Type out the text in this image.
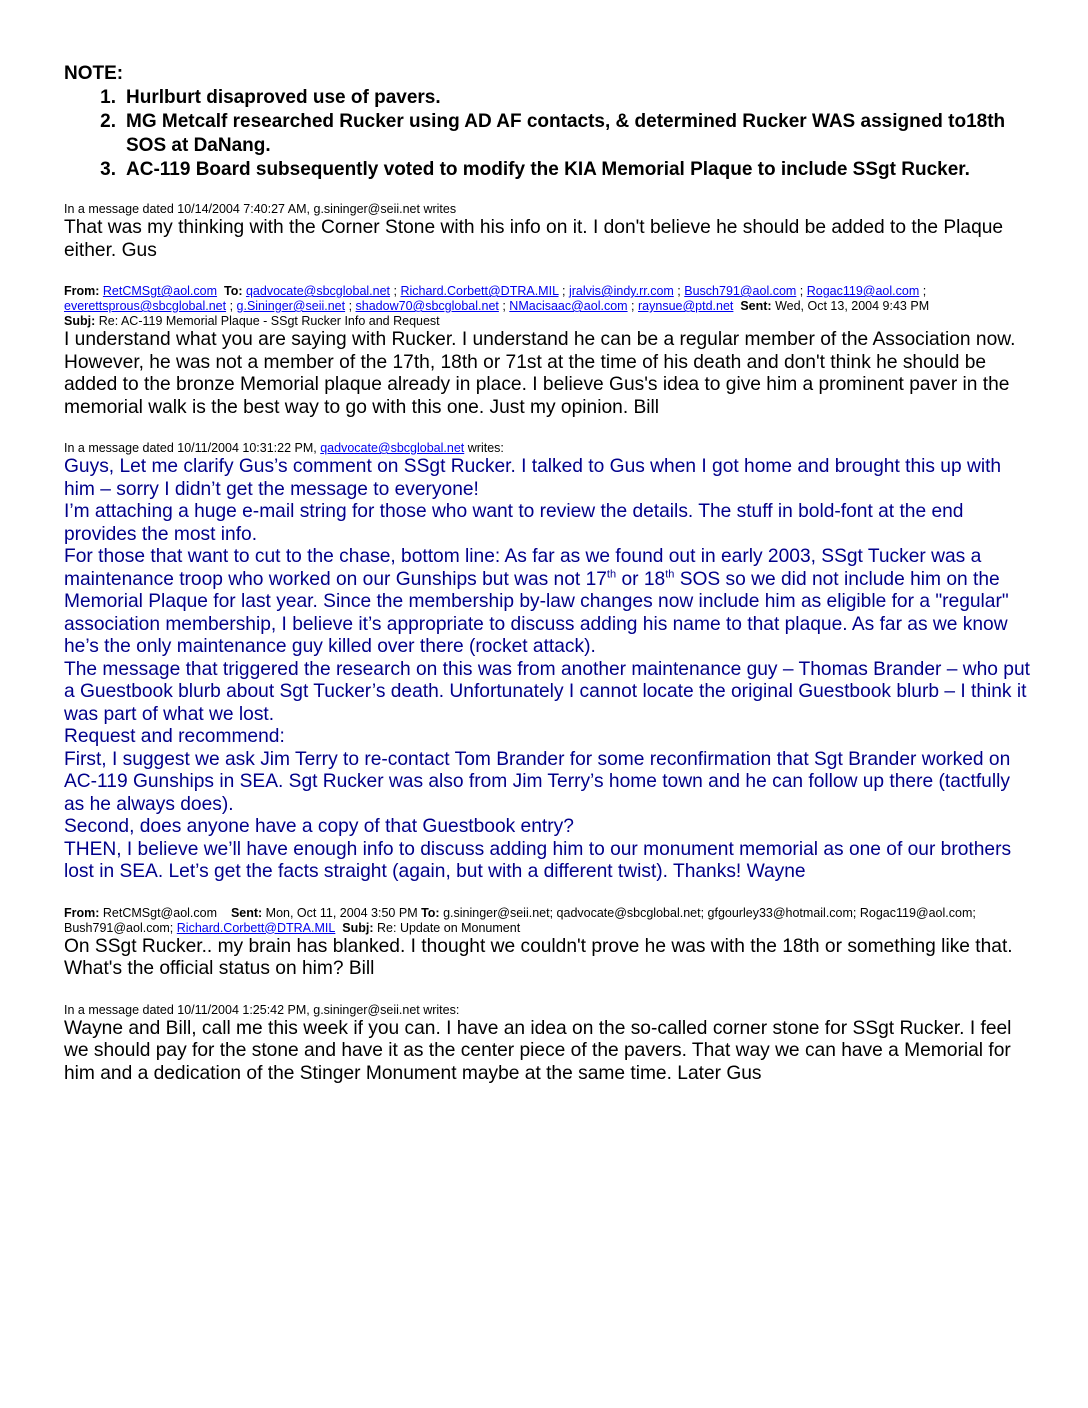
NOTE:
1. Hurlburt disaproved use of pavers.
2. MG Metcalf researched Rucker using AD AF contacts, & determined Rucker WAS assigned to18th SOS at DaNang.
3. AC-119 Board subsequently voted to modify the KIA Memorial Plaque to include SSgt Rucker.
In a message dated 10/14/2004 7:40:27 AM, g.sininger@seii.net writes
That was my thinking with the Corner Stone with his info on it. I don't believe he should be added to the Plaque either. Gus
From: RetCMSgt@aol.com To: qadvocate@sbcglobal.net ; Richard.Corbett@DTRA.MIL ; jralvis@indy.rr.com ; Busch791@aol.com ; Rogac119@aol.com ; everettsprous@sbcglobal.net ; g.Sininger@seii.net ; shadow70@sbcglobal.net ; NMacisaac@aol.com ; raynsue@ptd.net Sent: Wed, Oct 13, 2004 9:43 PM
Subj: Re: AC-119 Memorial Plaque - SSgt Rucker Info and Request
I understand what you are saying with Rucker. I understand he can be a regular member of the Association now. However, he was not a member of the 17th, 18th or 71st at the time of his death and don't think he should be added to the bronze Memorial plaque already in place. I believe Gus's idea to give him a prominent paver in the memorial walk is the best way to go with this one. Just my opinion. Bill
In a message dated 10/11/2004 10:31:22 PM, qadvocate@sbcglobal.net writes:

Guys, Let me clarify Gus’s comment on SSgt Rucker. I talked to Gus when I got home and brought this up with him – sorry I didn’t get the message to everyone!

I’m attaching a huge e-mail string for those who want to review the details. The stuff in bold-font at the end provides the most info.

For those that want to cut to the chase, bottom line: As far as we found out in early 2003, SSgt Tucker was a maintenance troop who worked on our Gunships but was not 17th or 18th SOS so we did not include him on the Memorial Plaque for last year. Since the membership by-law changes now include him as eligible for a "regular" association membership, I believe it’s appropriate to discuss adding his name to that plaque. As far as we know he’s the only maintenance guy killed over there (rocket attack).

The message that triggered the research on this was from another maintenance guy – Thomas Brander – who put a Guestbook blurb about Sgt Tucker’s death. Unfortunately I cannot locate the original Guestbook blurb – I think it was part of what we lost.

Request and recommend:

First, I suggest we ask Jim Terry to re-contact Tom Brander for some reconfirmation that Sgt Brander worked on AC-119 Gunships in SEA. Sgt Rucker was also from Jim Terry’s home town and he can follow up there (tactfully as he always does).

Second, does anyone have a copy of that Guestbook entry?

THEN, I believe we’ll have enough info to discuss adding him to our monument memorial as one of our brothers lost in SEA. Let’s get the facts straight (again, but with a different twist). Thanks! Wayne

From: RetCMSgt@aol.com Sent: Mon, Oct 11, 2004 3:50 PM To: g.sininger@seii.net; qadvocate@sbcglobal.net; gfgourley33@hotmail.com; Rogac119@aol.com; Bush791@aol.com; Richard.Corbett@DTRA.MIL Subj: Re: Update on Monument
On SSgt Rucker.. my brain has blanked. I thought we couldn't prove he was with the 18th or something like that. What's the official status on him? Bill
In a message dated 10/11/2004 1:25:42 PM, g.sininger@seii.net writes:
Wayne and Bill, call me this week if you can. I have an idea on the so-called corner stone for SSgt Rucker. I feel we should pay for the stone and have it as the center piece of the pavers. That way we can have a Memorial for him and a dedication of the Stinger Monument maybe at the same time. Later Gus
